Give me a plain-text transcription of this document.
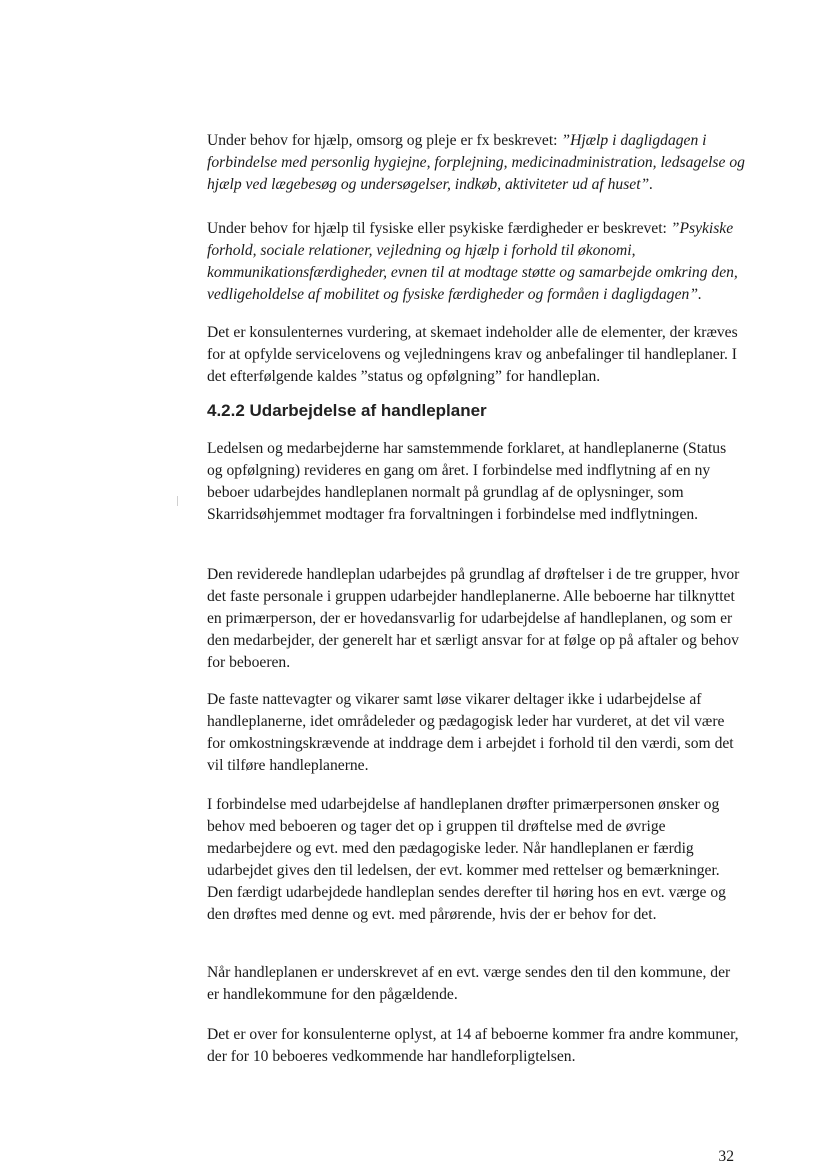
Under behov for hjælp, omsorg og pleje er fx beskrevet: ”Hjælp i dagligdagen i forbindelse med personlig hygiejne, forplejning, medicinadministration, ledsagelse og hjælp ved lægebesøg og undersøgelser, indkøb, aktiviteter ud af huset”.

Under behov for hjælp til fysiske eller psykiske færdigheder er beskrevet: ”Psykiske forhold, sociale relationer, vejledning og hjælp i forhold til økonomi, kommunikationsfærdigheder, evnen til at modtage støtte og samarbejde omkring den, vedligeholdelse af mobilitet og fysiske færdigheder og formåen i dagligdagen”.

Det er konsulenternes vurdering, at skemaet indeholder alle de elementer, der kræves for at opfylde servicelovens og vejledningens krav og anbefalinger til handleplaner. I det efterfølgende kaldes ”status og opfølgning” for handleplan.

4.2.2 Udarbejdelse af handleplaner

Ledelsen og medarbejderne har samstemmende forklaret, at handleplanerne (Status og opfølgning) revideres en gang om året. I forbindelse med indflytning af en ny beboer udarbejdes handleplanen normalt på grundlag af de oplysninger, som Skarridsøhjemmet modtager fra forvaltningen i forbindelse med indflytningen.

Den reviderede handleplan udarbejdes på grundlag af drøftelser i de tre grupper, hvor det faste personale i gruppen udarbejder handleplanerne. Alle beboerne har tilknyttet en primærperson, der er hovedansvarlig for udarbejdelse af handleplanen, og som er den medarbejder, der generelt har et særligt ansvar for at følge op på aftaler og behov for beboeren.

De faste nattevagter og vikarer samt løse vikarer deltager ikke i udarbejdelse af handleplanerne, idet områdeleder og pædagogisk leder har vurderet, at det vil være for omkostningskrævende at inddrage dem i arbejdet i forhold til den værdi, som det vil tilføre handleplanerne.

I forbindelse med udarbejdelse af handleplanen drøfter primærpersonen ønsker og behov med beboeren og tager det op i gruppen til drøftelse med de øvrige medarbejdere og evt. med den pædagogiske leder. Når handleplanen er færdig udarbejdet gives den til ledelsen, der evt. kommer med rettelser og bemærkninger. Den færdigt udarbejdede handleplan sendes derefter til høring hos en evt. værge og den drøftes med denne og evt. med pårørende, hvis der er behov for det.

Når handleplanen er underskrevet af en evt. værge sendes den til den kommune, der er handlekommune for den pågældende.

Det er over for konsulenterne oplyst, at 14 af beboerne kommer fra andre kommuner, der for 10 beboeres vedkommende har handleforpligtelsen.

32
